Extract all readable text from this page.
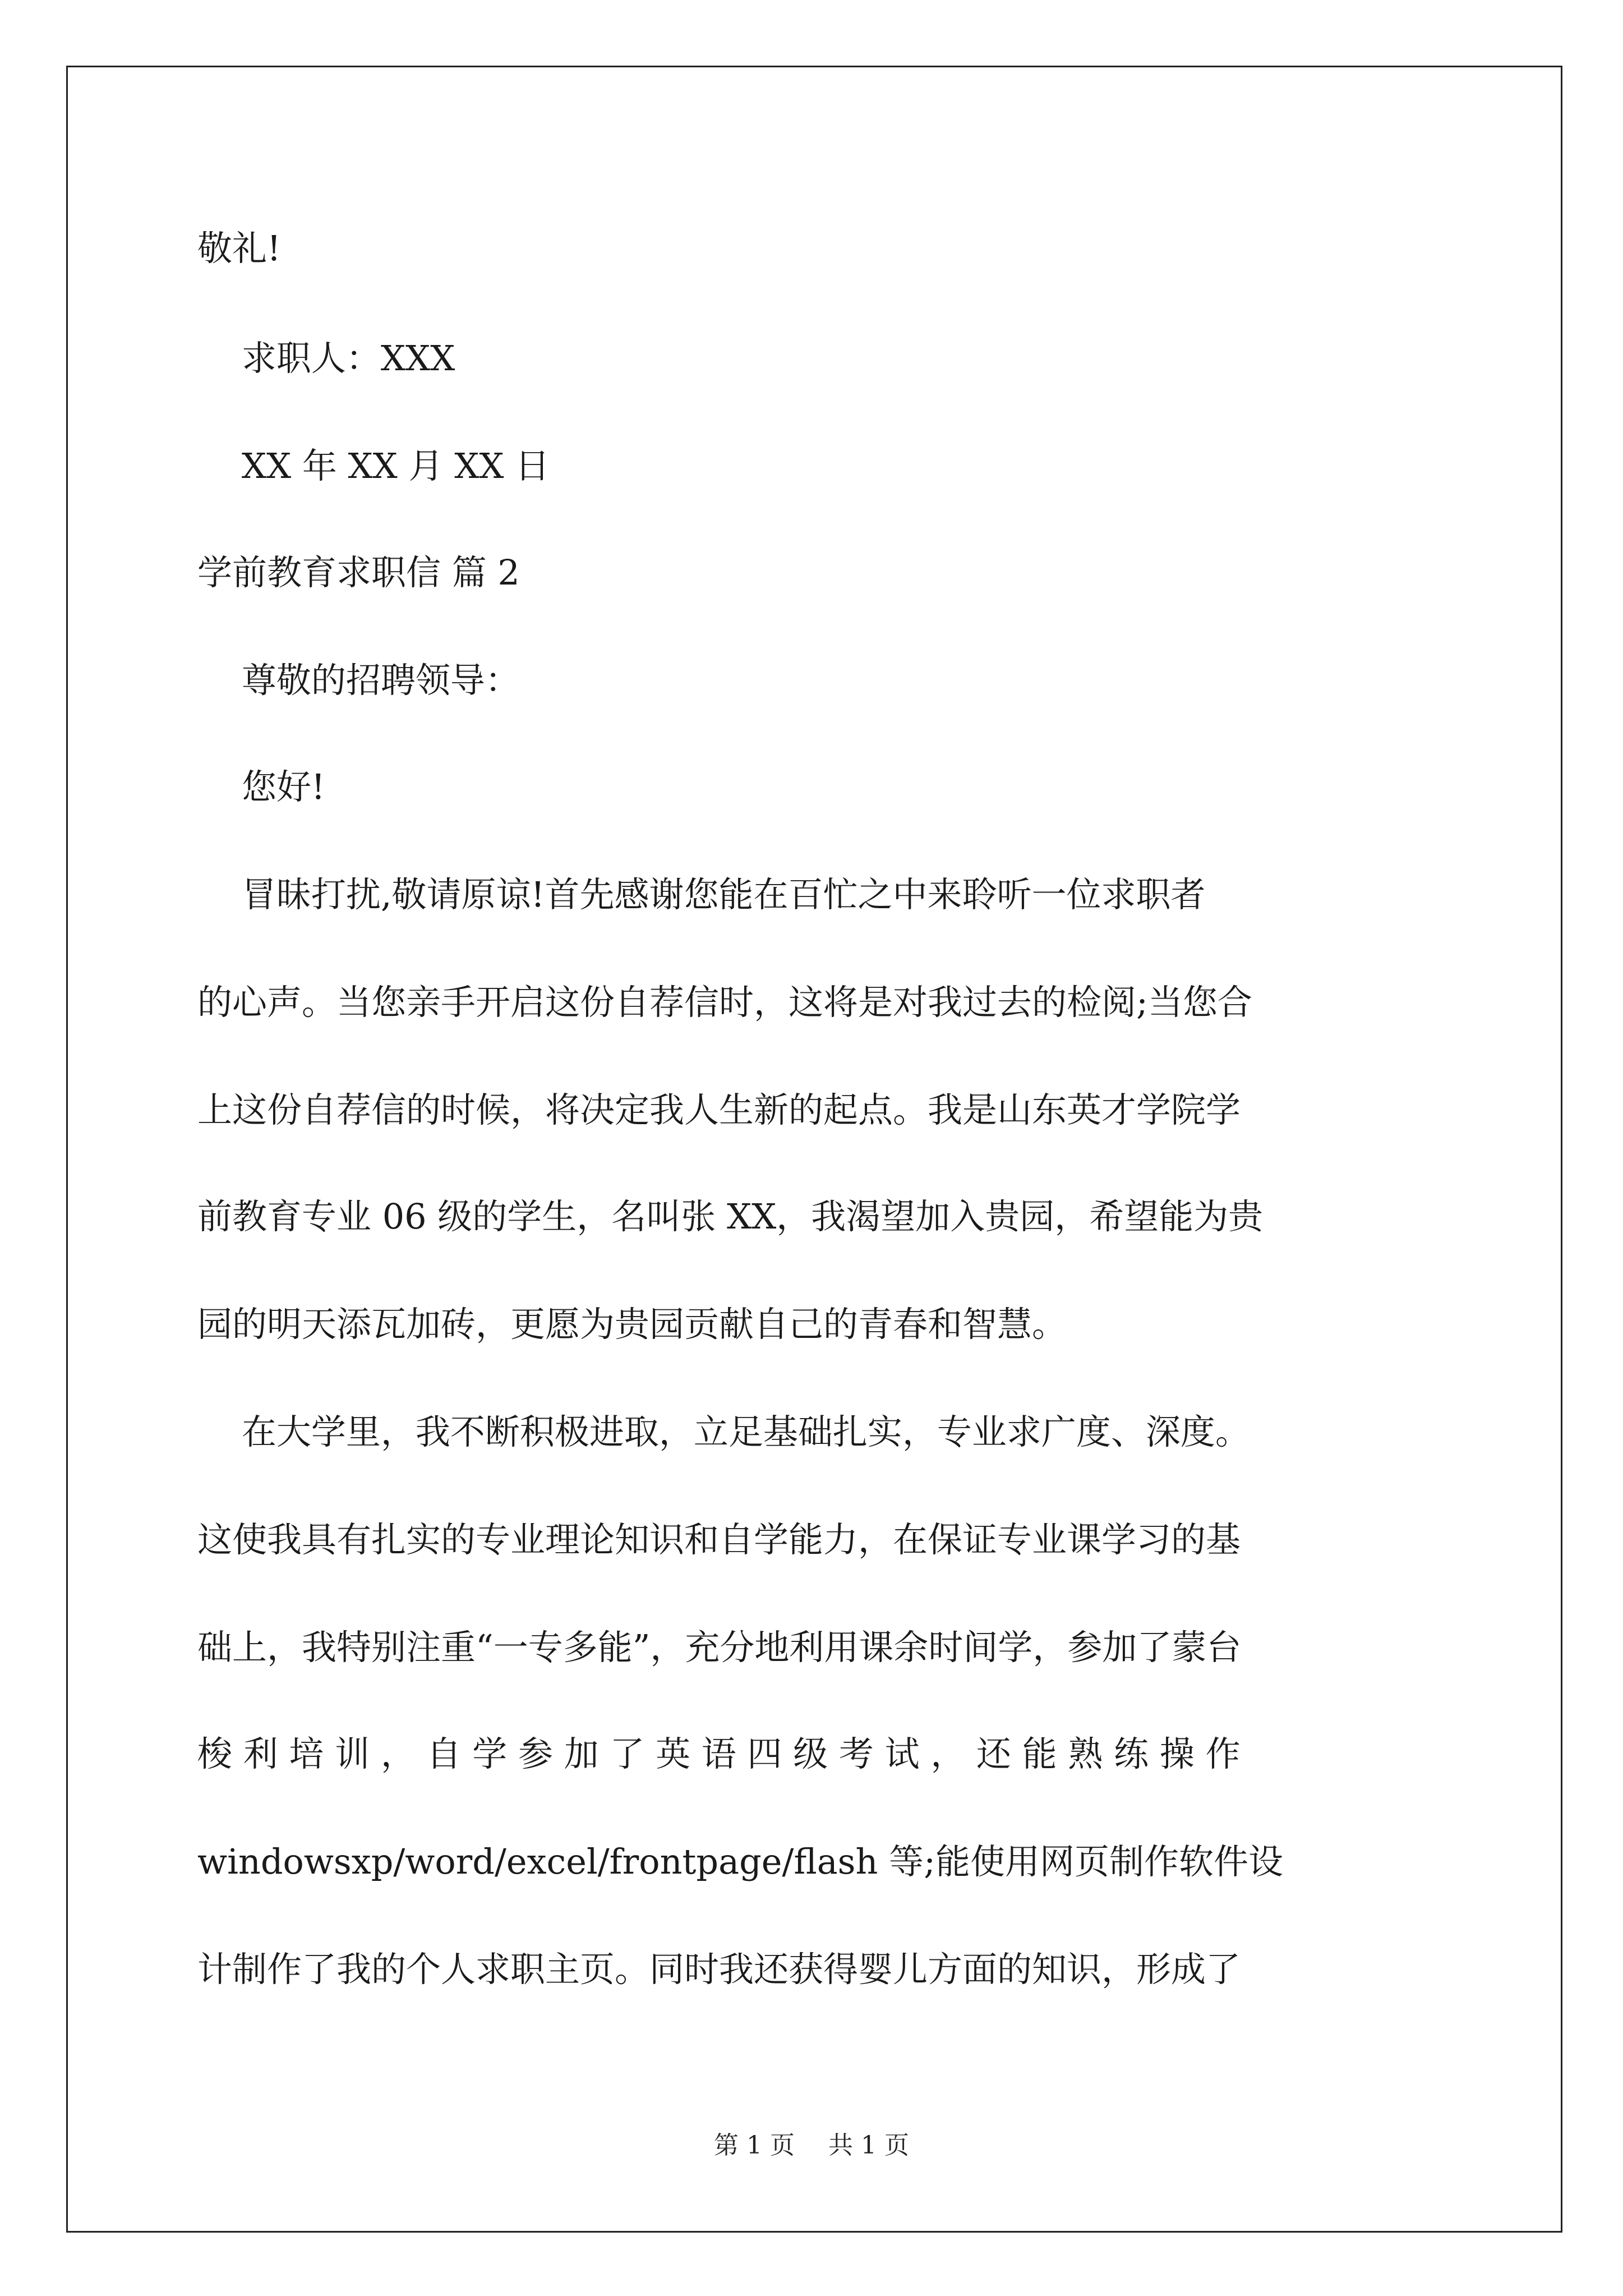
敬礼!
求职人：XXX
XX 年 XX 月 XX 日
学前教育求职信 篇 2
尊敬的招聘领导：
您好!
冒昧打扰,敬请原谅!首先感谢您能在百忙之中来聆听一位求职者
的心声。当您亲手开启这份自荐信时，这将是对我过去的检阅;当您合
上这份自荐信的时候，将决定我人生新的起点。我是山东英才学院学
前教育专业 06 级的学生，名叫张 XX，我渴望加入贵园，希望能为贵
园的明天添瓦加砖，更愿为贵园贡献自己的青春和智慧。
在大学里，我不断积极进取，立足基础扎实，专业求广度、深度。
这使我具有扎实的专业理论知识和自学能力，在保证专业课学习的基
础上，我特别注重“一专多能”，充分地利用课余时间学，参加了蒙台
梭 利 培 训 ， 自 学 参 加 了 英 语 四 级 考 试 ， 还 能 熟 练 操 作
windowsxp/word/excel/frontpage/flash 等;能使用网页制作软件设
计制作了我的个人求职主页。同时我还获得婴儿方面的知识，形成了
第 1 页 共 1 页
